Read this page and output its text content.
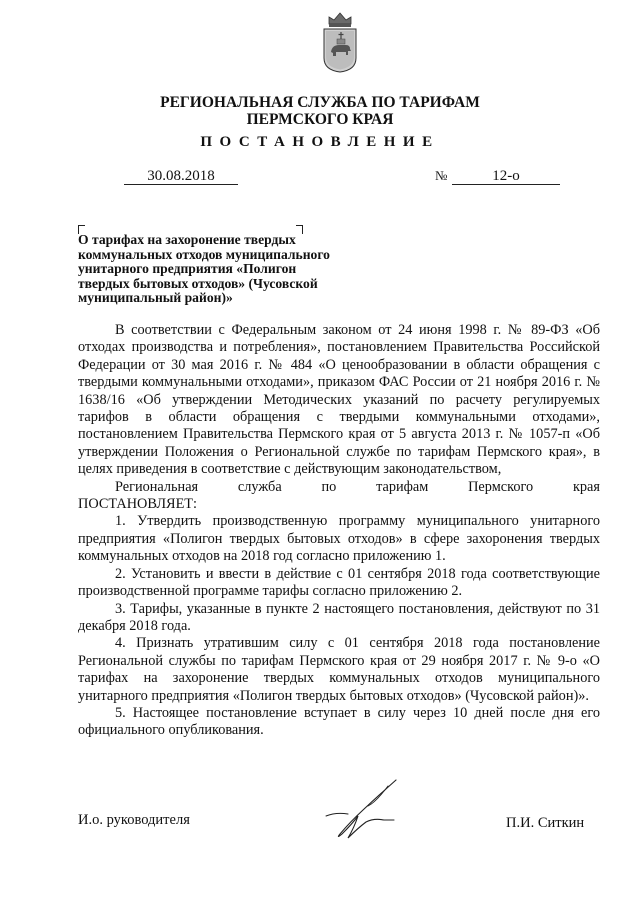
РЕГИОНАЛЬНАЯ СЛУЖБА ПО ТАРИФАМ
ПЕРМСКОГО КРАЯ
ПОСТАНОВЛЕНИЕ
30.08.2018	№	12-о
О тарифах на захоронение твердых
коммунальных отходов муниципального
унитарного предприятия «Полигон
твердых бытовых отходов» (Чусовской
муниципальный район)»

В соответствии с Федеральным законом от 24 июня 1998 г. № 89-ФЗ «Об отходах производства и потребления», постановлением Правительства Российской Федерации от 30 мая 2016 г. № 484 «О ценообразовании в области обращения с твердыми коммунальными отходами», приказом ФАС России от 21 ноября 2016 г. № 1638/16 «Об утверждении Методических указаний по расчету регулируемых тарифов в области обращения с твердыми коммунальными отходами», постановлением Правительства Пермского края от 5 августа 2013 г. № 1057-п «Об утверждении Положения о Региональной службе по тарифам Пермского края», в целях приведения в соответствие с действующим законодательством,

Региональная	служба	по	тарифам	Пермского	края

ПОСТАНОВЛЯЕТ:

1. Утвердить производственную программу муниципального унитарного предприятия «Полигон твердых бытовых отходов» в сфере захоронения твердых коммунальных отходов на 2018 год согласно приложению 1.

2. Установить и ввести в действие с 01 сентября 2018 года соответствующие производственной программе тарифы согласно приложению 2.

3. Тарифы, указанные в пункте 2 настоящего постановления, действуют по 31 декабря 2018 года.

4. Признать утратившим силу с 01 сентября 2018 года постановление Региональной службы по тарифам Пермского края от 29 ноября 2017 г. № 9-о «О тарифах на захоронение твердых коммунальных отходов муниципального унитарного предприятия «Полигон твердых бытовых отходов» (Чусовской район)».

5. Настоящее постановление вступает в силу через 10 дней после дня его официального опубликования.

И.о. руководителя	П.И. Ситкин
